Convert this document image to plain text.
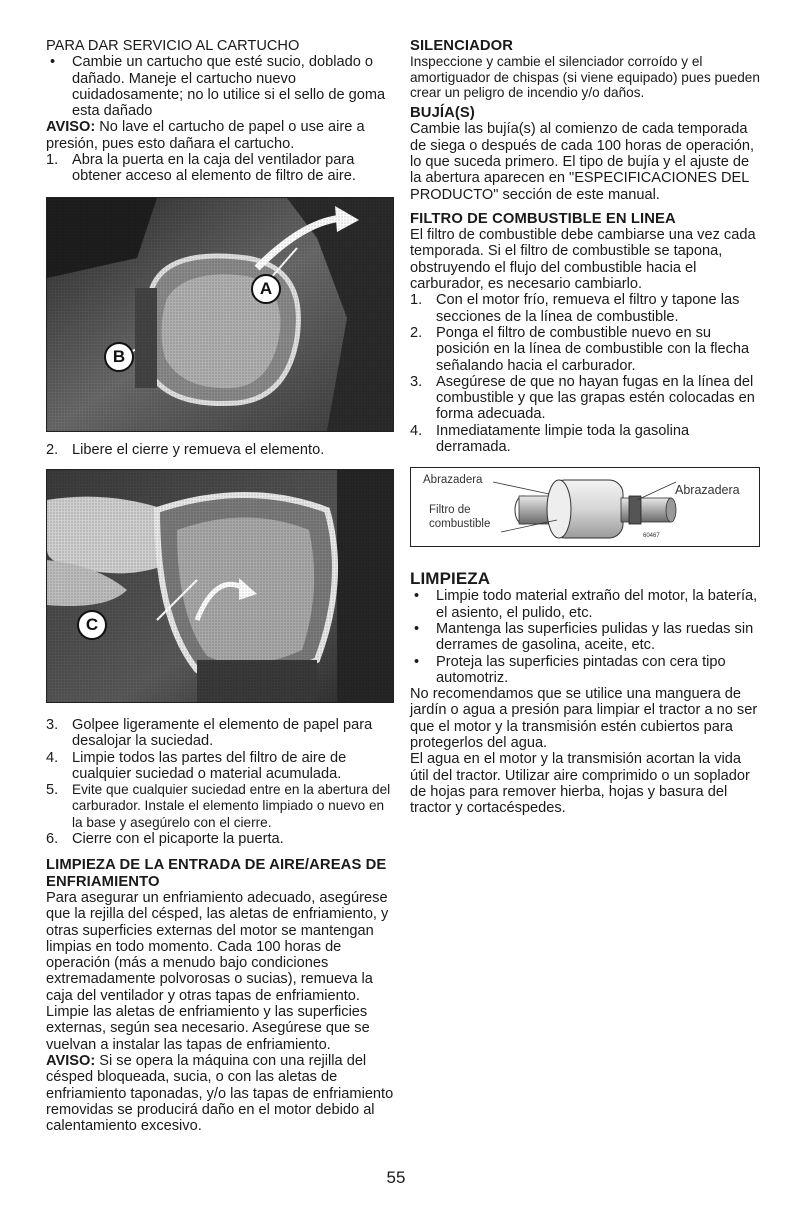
PARA DAR SERVICIO AL CARTUCHO

• Cambie un cartucho que esté sucio, doblado o dañado. Maneje el cartucho nuevo cuidadosamente; no lo utilice si el sello de goma esta dañado

AVISO: No lave el cartucho de papel o use aire a presión, pues esto dañara el cartucho.

1. Abra la puerta en la caja del ventilador para obtener acceso al elemento de filtro de aire.
A
B
2. Libere el cierre y remueva el elemento.
C
3. Golpee ligeramente el elemento de papel para desalojar la suciedad.
4. Limpie todos las partes del filtro de aire de cualquier suciedad o material acumulada.
5. Evite que cualquier suciedad entre en la abertura del carburador. Instale el elemento limpiado o nuevo en la base y asegúrelo con el cierre.
6. Cierre con el picaporte la puerta.
LIMPIEZA DE LA ENTRADA DE AIRE/AREAS DE ENFRIAMIENTO

Para asegurar un enfriamiento adecuado, asegúrese que la rejilla del césped, las aletas de enfriamiento, y otras superficies externas del motor se mantengan limpias en todo momento. Cada 100 horas de operación (más a menudo bajo condiciones extremadamente polvorosas o sucias), remueva la caja del ventilador y otras tapas de enfriamiento. Limpie las aletas de enfriamiento y las superficies externas, según sea necesario. Asegúrese que se vuelvan a instalar las tapas de enfriamiento.

AVISO: Si se opera la máquina con una rejilla del césped bloqueada, sucia, o con las aletas de enfriamiento taponadas, y/o las tapas de enfriamiento removidas se producirá daño en el motor debido al calentamiento excesivo.

SILENCIADOR

Inspeccione y cambie el silenciador corroído y el amortiguador de chispas (si viene equipado) pues pueden crear un peligro de incendio y/o daños.

BUJÍA(S)

Cambie las bujía(s) al comienzo de cada temporada de siega o después de cada 100 horas de operación, lo que suceda primero. El tipo de bujía y el ajuste de la abertura aparecen en "ESPECIFICACIONES DEL PRODUCTO" sección de este manual.

FILTRO DE COMBUSTIBLE EN LINEA

El filtro de combustible debe cambiarse una vez cada temporada. Si el filtro de combustible se tapona, obstruyendo el flujo del combustible hacia el carburador, es necesario cambiarlo.

1. Con el motor frío, remueva el filtro y tapone las secciones de la línea de combustible.
2. Ponga el filtro de combustible nuevo en su posición en la línea de combustible con la flecha señalando hacia el carburador.
3. Asegúrese de que no hayan fugas en la línea del combustible y que las grapas estén colocadas en forma adecuada.
4. Inmediatamente limpie toda la gasolina derramada.
Abrazadera
Abrazadera
Filtro de
combustible
60467
LIMPIEZA
• Limpie todo material extraño del motor, la batería, el asiento, el pulido, etc.
• Mantenga las superficies pulidas y las ruedas sin derrames de gasolina, aceite, etc.
• Proteja las superficies pintadas con cera tipo automotriz.

No recomendamos que se utilice una manguera de jardín o agua a presión para limpiar el tractor a no ser que el motor y la transmisión estén cubiertos para protegerlos del agua.

El agua en el motor y la transmisión acortan la vida útil del tractor. Utilizar aire comprimido o un soplador de hojas para remover hierba, hojas y basura del tractor y cortacéspedes.

55
